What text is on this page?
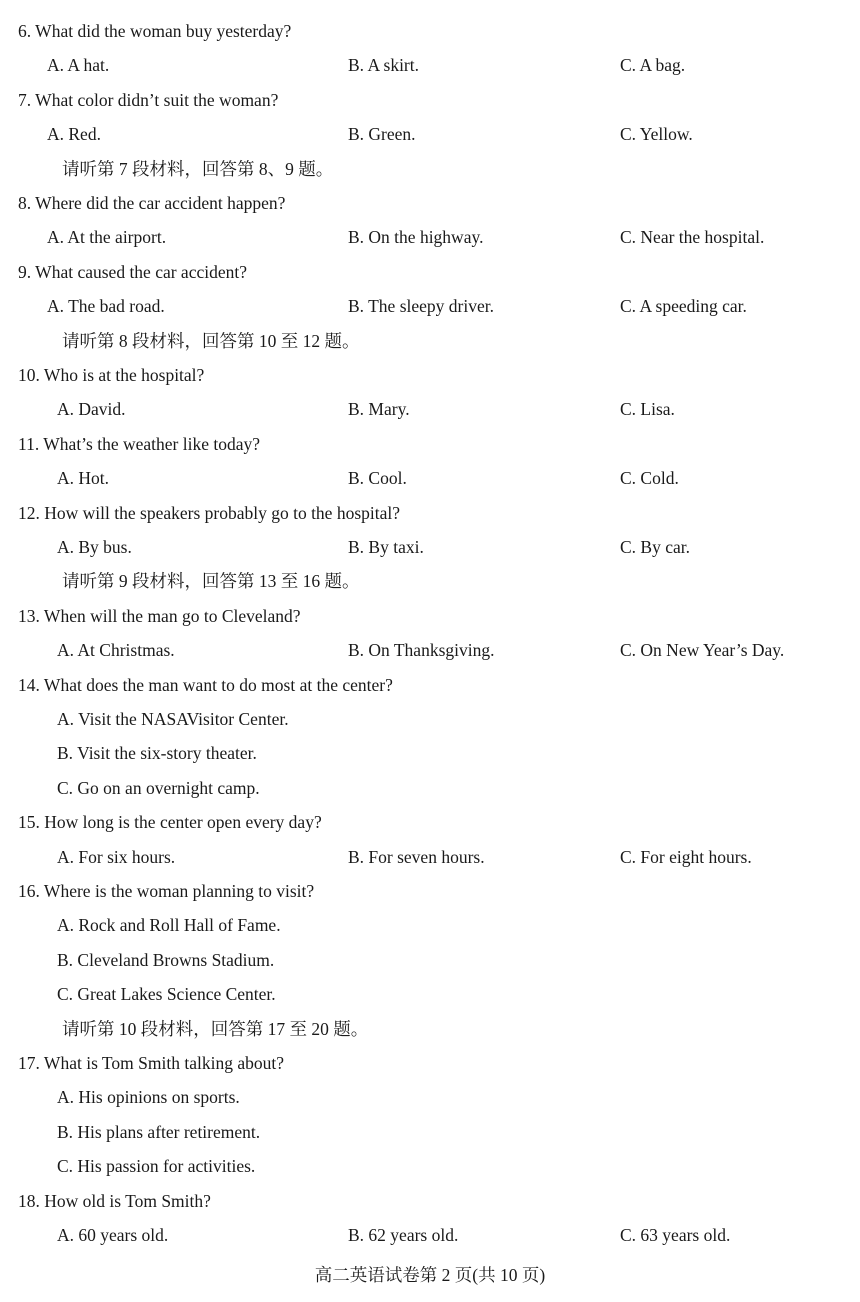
6. What did the woman buy yesterday?
A. A hat.	B. A skirt.	C. A bag.
7. What color didn’t suit the woman?
A. Red.	B. Green.	C. Yellow.
请听第 7 段材料，回答第 8、9 题。
8. Where did the car accident happen?
A. At the airport.	B. On the highway.	C. Near the hospital.
9. What caused the car accident?
A. The bad road.	B. The sleepy driver.	C. A speeding car.
请听第 8 段材料，回答第 10 至 12 题。
10. Who is at the hospital?
A. David.	B. Mary.	C. Lisa.
11. What’s the weather like today?
A. Hot.	B. Cool.	C. Cold.
12. How will the speakers probably go to the hospital?
A. By bus.	B. By taxi.	C. By car.
请听第 9 段材料，回答第 13 至 16 题。
13. When will the man go to Cleveland?
A. At Christmas.	B. On Thanksgiving.	C. On New Year’s Day.
14. What does the man want to do most at the center?
A. Visit the NASAVisitor Center.
B. Visit the six-story theater.
C. Go on an overnight camp.
15. How long is the center open every day?
A. For six hours.	B. For seven hours.	C. For eight hours.
16. Where is the woman planning to visit?
A. Rock and Roll Hall of Fame.
B. Cleveland Browns Stadium.
C. Great Lakes Science Center.
请听第 10 段材料，回答第 17 至 20 题。
17. What is Tom Smith talking about?
A. His opinions on sports.
B. His plans after retirement.
C. His passion for activities.
18. How old is Tom Smith?
A. 60 years old.	B. 62 years old.	C. 63 years old.
高二英语试卷第 2 页(共 10 页)
